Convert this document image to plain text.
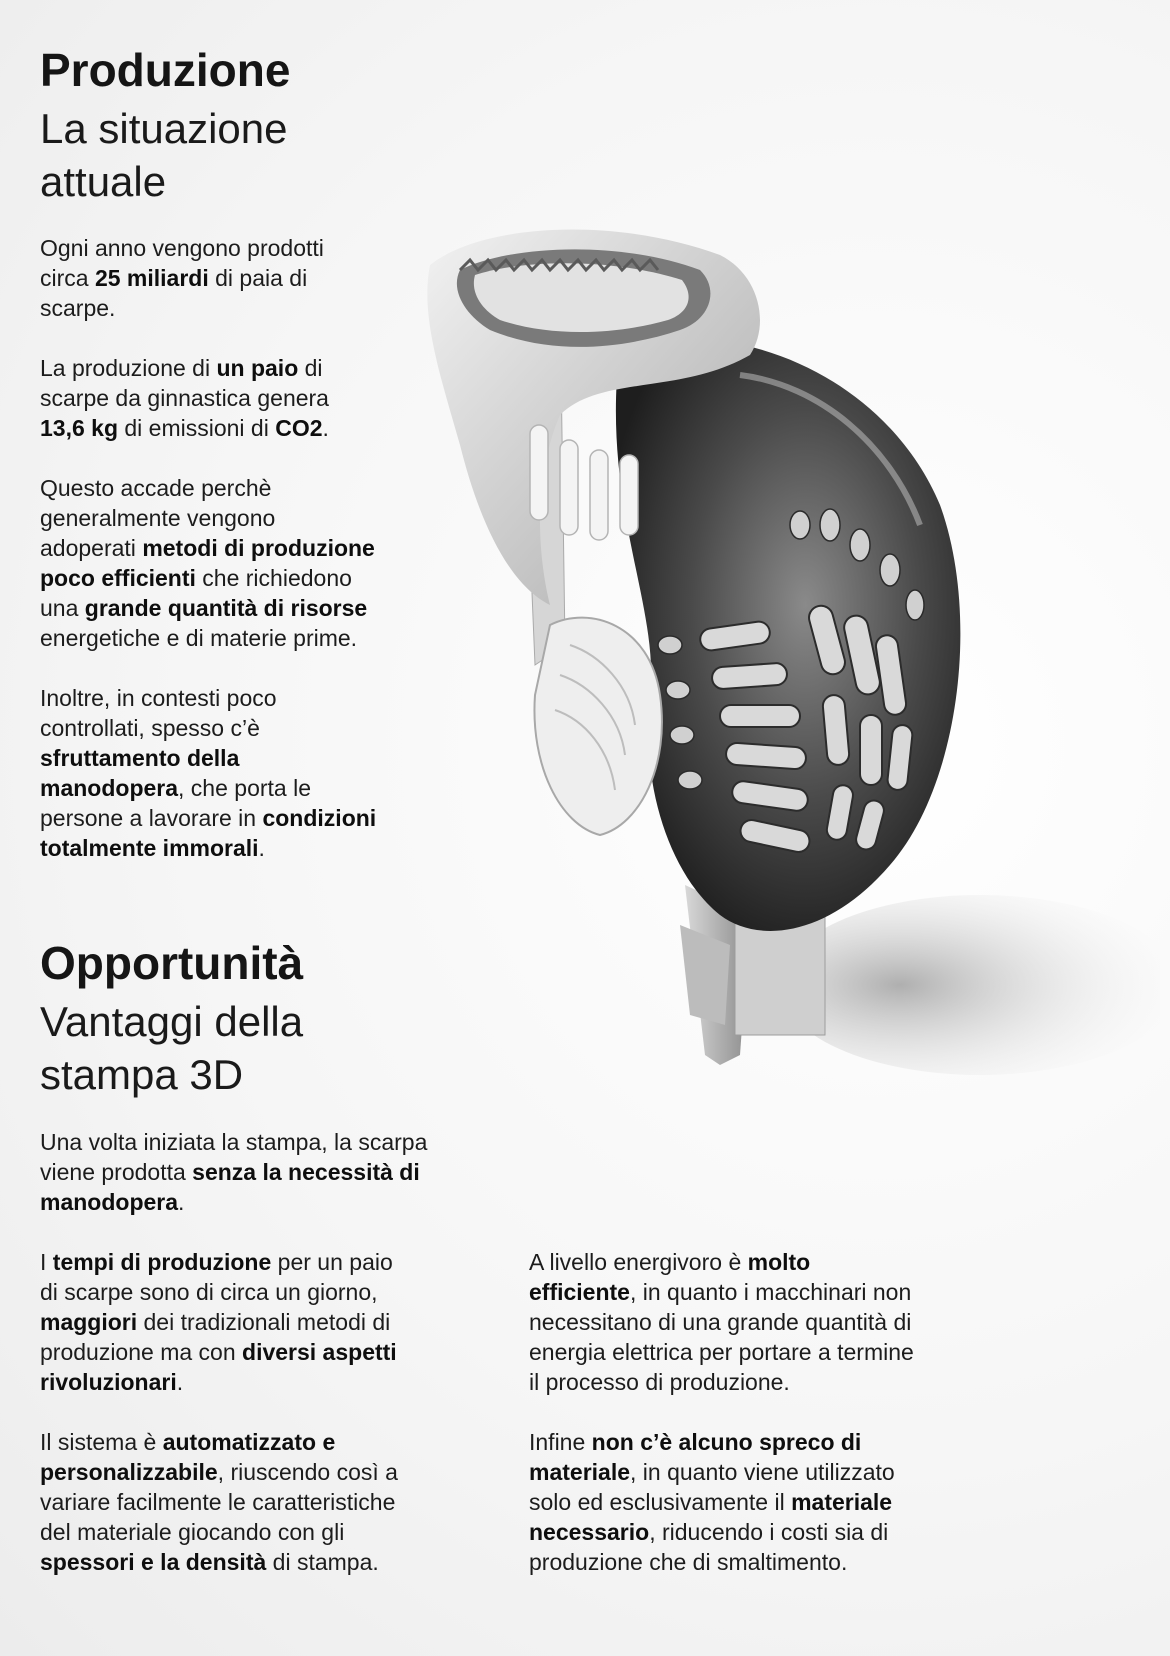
Produzione
La situazione
attuale

Ogni anno vengono prodotti
circa 25 miliardi di paia di
scarpe.

La produzione di un paio di
scarpe da ginnastica genera
13,6 kg di emissioni di CO2.

Questo accade perchè
generalmente vengono
adoperati metodi di produzione
poco efficienti che richiedono
una grande quantità di risorse
energetiche e di materie prime.

Inoltre, in contesti poco
controllati, spesso c’è
sfruttamento della
manodopera, che porta le
persone a lavorare in condizioni
totalmente immorali.

Opportunità
Vantaggi della
stampa 3D

Una volta iniziata la stampa, la scarpa
viene prodotta senza la necessità di
manodopera.

I tempi di produzione per un paio
di scarpe sono di circa un giorno,
maggiori dei tradizionali metodi di
produzione ma con diversi aspetti
rivoluzionari.

Il sistema è automatizzato e
personalizzabile, riuscendo così a
variare facilmente le caratteristiche
del materiale giocando con gli
spessori e la densità di stampa.

A livello energivoro è molto
efficiente, in quanto i macchinari non
necessitano di una grande quantità di
energia elettrica per portare a termine
il processo di produzione.

Infine non c’è alcuno spreco di
materiale, in quanto viene utilizzato
solo ed esclusivamente il materiale
necessario, riducendo i costi sia di
produzione che di smaltimento.
